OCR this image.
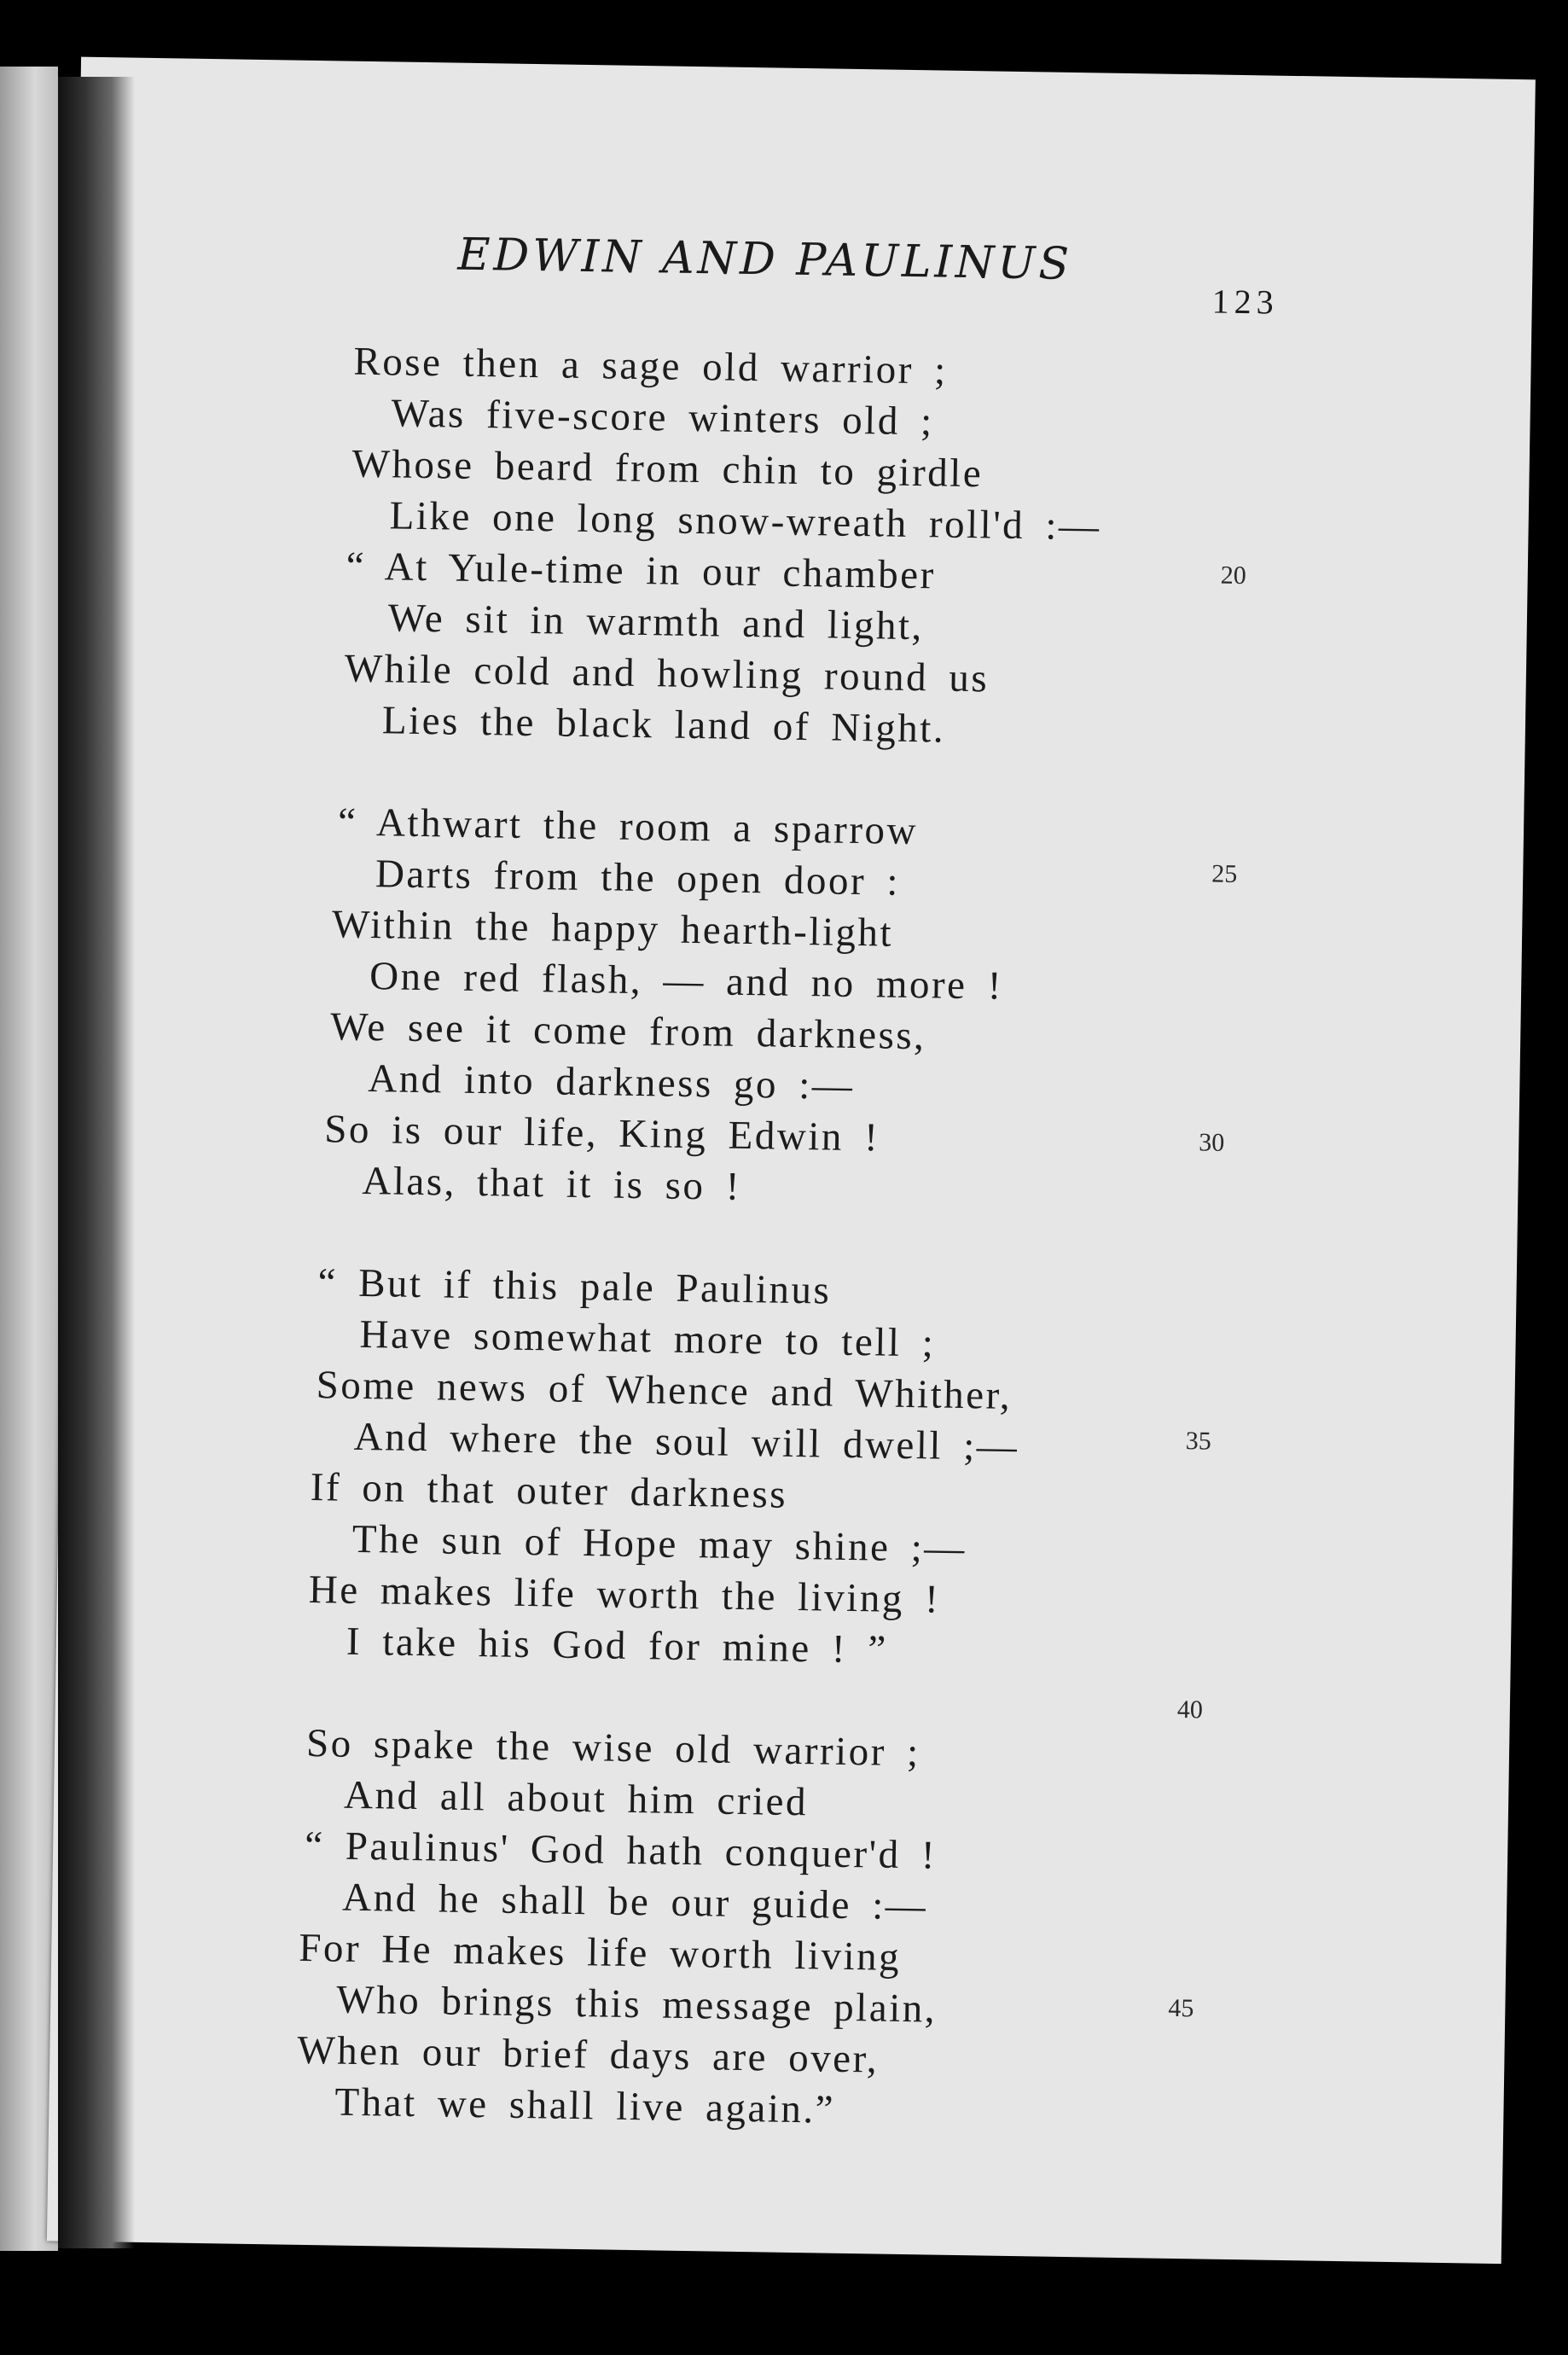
EDWIN AND PAULINUS
123
Rose then a sage old warrior ;
Was five-score winters old ;
Whose beard from chin to girdle
Like one long snow-wreath roll'd :—
“ At Yule-time in our chamber
We sit in warmth and light,
While cold and howling round us
Lies the black land of Night.
“ Athwart the room a sparrow
Darts from the open door :
Within the happy hearth-light
One red flash, — and no more !
We see it come from darkness,
And into darkness go :—
So is our life, King Edwin !
Alas, that it is so !
“ But if this pale Paulinus
Have somewhat more to tell ;
Some news of Whence and Whither,
And where the soul will dwell ;—
If on that outer darkness
The sun of Hope may shine ;—
He makes life worth the living !
I take his God for mine ! ”
So spake the wise old warrior ;
And all about him cried
“ Paulinus' God hath conquer'd !
And he shall be our guide :—
For He makes life worth living
Who brings this message plain,
When our brief days are over,
That we shall live again.”
20
25
30
35
40
45
